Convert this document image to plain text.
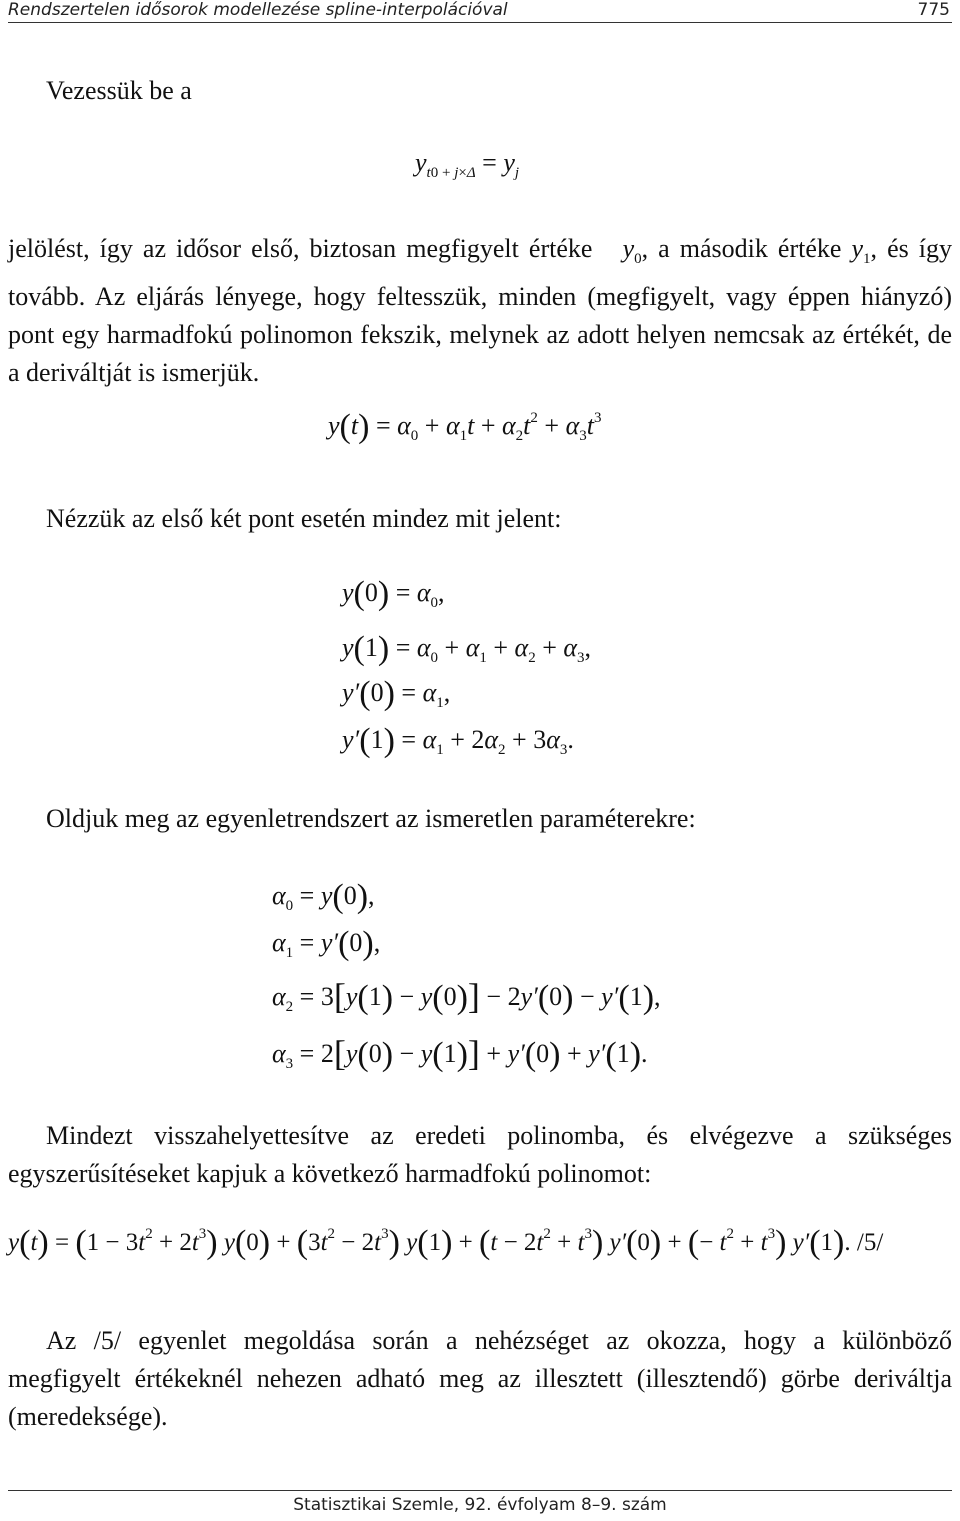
Rendszertelen idősorok modellezése spline-interpolációval	775

Vezessük be a

$y_{t0 + j\times\Delta} = y_j$

jelölést, így az idősor első, biztosan megfigyelt értéke   $y_0$, a második értéke $y_1$, és így tovább. Az eljárás lényege, hogy feltesszük, minden (megfigyelt, vagy éppen hiányzó) pont egy harmadfokú polinomon fekszik, melynek az adott helyen nemcsak az értékét, de a deriváltját is ismerjük.

$y(t) = \alpha_0 + \alpha_1t + \alpha_2t^2 + \alpha_3t^3$

Nézzük az első két pont esetén mindez mit jelent:

$y(0) = \alpha_0$,
$y(1) = \alpha_0 + \alpha_1 + \alpha_2 + \alpha_3$,
$y'(0) = \alpha_1$,
$y'(1) = \alpha_1 + 2\alpha_2 + 3\alpha_3$.

Oldjuk meg az egyenletrendszert az ismeretlen paraméterekre:

$\alpha_0 = y(0)$,
$\alpha_1 = y'(0)$,
$\alpha_2 = 3[y(1) - y(0)] - 2y'(0) - y'(1)$,
$\alpha_3 = 2[y(0) - y(1)] + y'(0) + y'(1)$.

Mindezt visszahelyettesítve az eredeti polinomba, és elvégezve a szükséges egyszerűsítéseket kapjuk a következő harmadfokú polinomot:

$y(t) = (1 - 3t^2 + 2t^3)$ $y(0) + (3t^2 - 2t^3) y(1) + (t - 2t^2 + t^3) y'(0)$ + (− $t^2 + t^3$) y′(1). /5/

Az /5/ egyenlet megoldása során a nehézséget az okozza, hogy a különböző megfigyelt értékeknél nehezen adható meg az illesztett (illesztendő) görbe deriváltja (meredeksége).

Statisztikai Szemle, 92. évfolyam 8–9. szám
